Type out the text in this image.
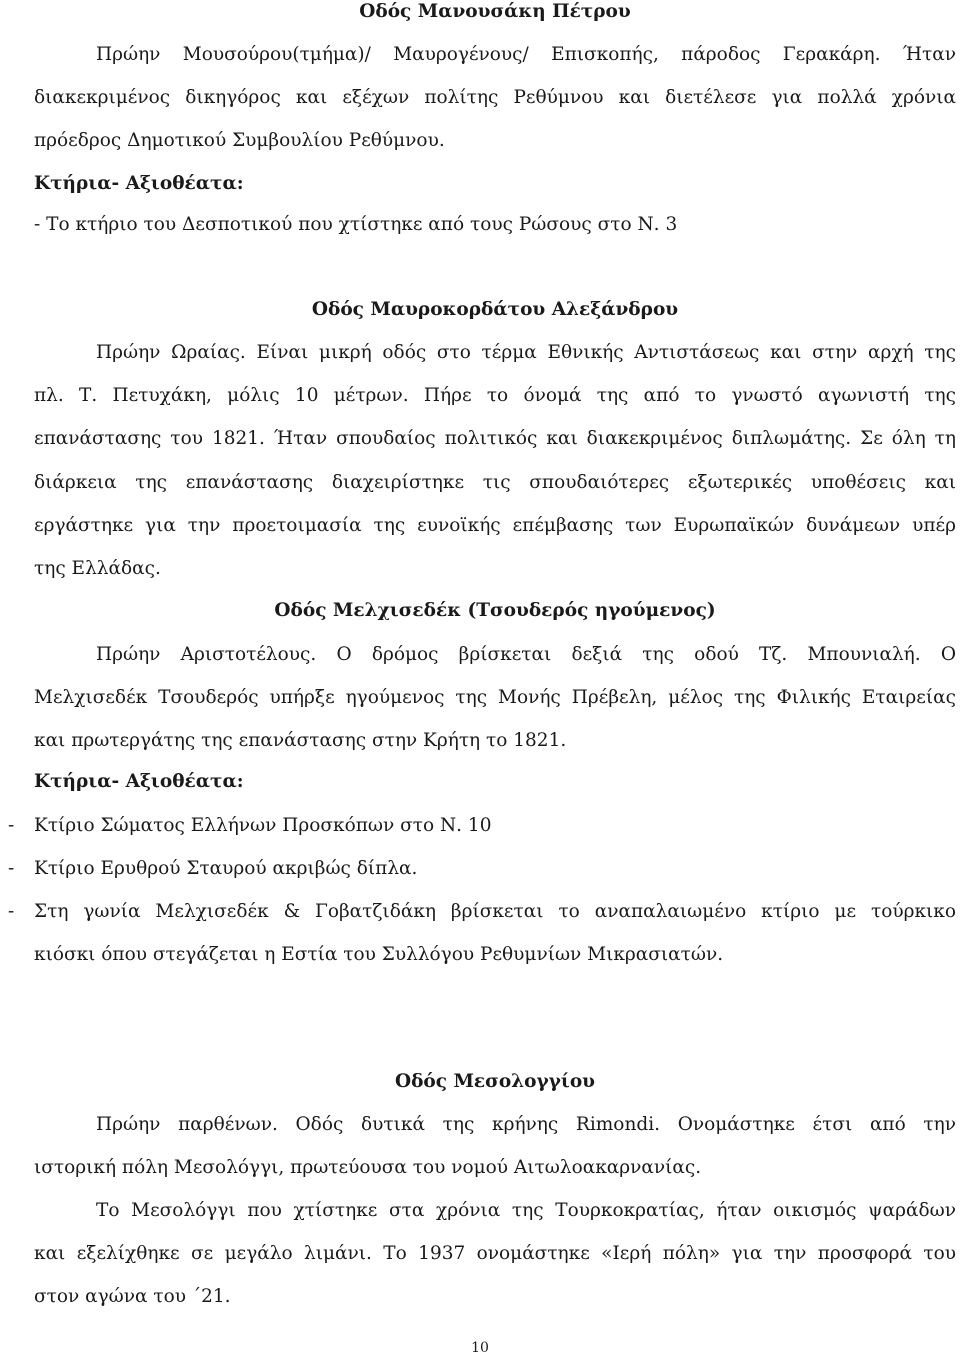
Οδός Μανουσάκη Πέτρου
Πρώην Μουσούρου(τμήμα)/ Μαυρογένους/ Επισκοπής, πάροδος Γερακάρη. Ήταν
διακεκριμένος δικηγόρος και εξέχων πολίτης Ρεθύμνου και διετέλεσε για πολλά χρόνια
πρόεδρος Δημοτικού Συμβουλίου Ρεθύμνου.
Κτήρια- Αξιοθέατα:
- Το κτήριο του Δεσποτικού που χτίστηκε από τους Ρώσους στο Ν. 3
Οδός Μαυροκορδάτου Αλεξάνδρου
Πρώην Ωραίας. Είναι μικρή οδός στο τέρμα Εθνικής Αντιστάσεως και στην αρχή της
πλ. Τ. Πετυχάκη, μόλις 10 μέτρων. Πήρε το όνομά της από το γνωστό αγωνιστή της
επανάστασης του 1821. Ήταν σπουδαίος πολιτικός και διακεκριμένος διπλωμάτης. Σε όλη τη
διάρκεια της επανάστασης διαχειρίστηκε τις σπουδαιότερες εξωτερικές υποθέσεις και
εργάστηκε για την προετοιμασία της ευνοϊκής επέμβασης των Ευρωπαϊκών δυνάμεων υπέρ
της Ελλάδας.
Οδός Μελχισεδέκ (Τσουδερός ηγούμενος)
Πρώην Αριστοτέλους. Ο δρόμος βρίσκεται δεξιά της οδού Τζ. Μπουνιαλή. Ο
Μελχισεδέκ Τσουδερός υπήρξε ηγούμενος της Μονής Πρέβελη, μέλος της Φιλικής Εταιρείας
και πρωτεργάτης της επανάστασης στην Κρήτη το 1821.
Κτήρια- Αξιοθέατα:
- Κτίριο Σώματος Ελλήνων Προσκόπων στο Ν. 10
- Κτίριο Ερυθρού Σταυρού ακριβώς δίπλα.
- Στη γωνία Μελχισεδέκ & Γοβατζιδάκη βρίσκεται το αναπαλαιωμένο κτίριο με τούρκικο
κιόσκι όπου στεγάζεται η Εστία του Συλλόγου Ρεθυμνίων Μικρασιατών.
Οδός Μεσολογγίου
Πρώην παρθένων. Οδός δυτικά της κρήνης Rimondi. Ονομάστηκε έτσι από την
ιστορική πόλη Μεσολόγγι, πρωτεύουσα του νομού Αιτωλοακαρνανίας.
Το Μεσολόγγι που χτίστηκε στα χρόνια της Τουρκοκρατίας, ήταν οικισμός ψαράδων
και εξελίχθηκε σε μεγάλο λιμάνι. Το 1937 ονομάστηκε «Ιερή πόλη» για την προσφορά του
στον αγώνα του ΄21.
10
